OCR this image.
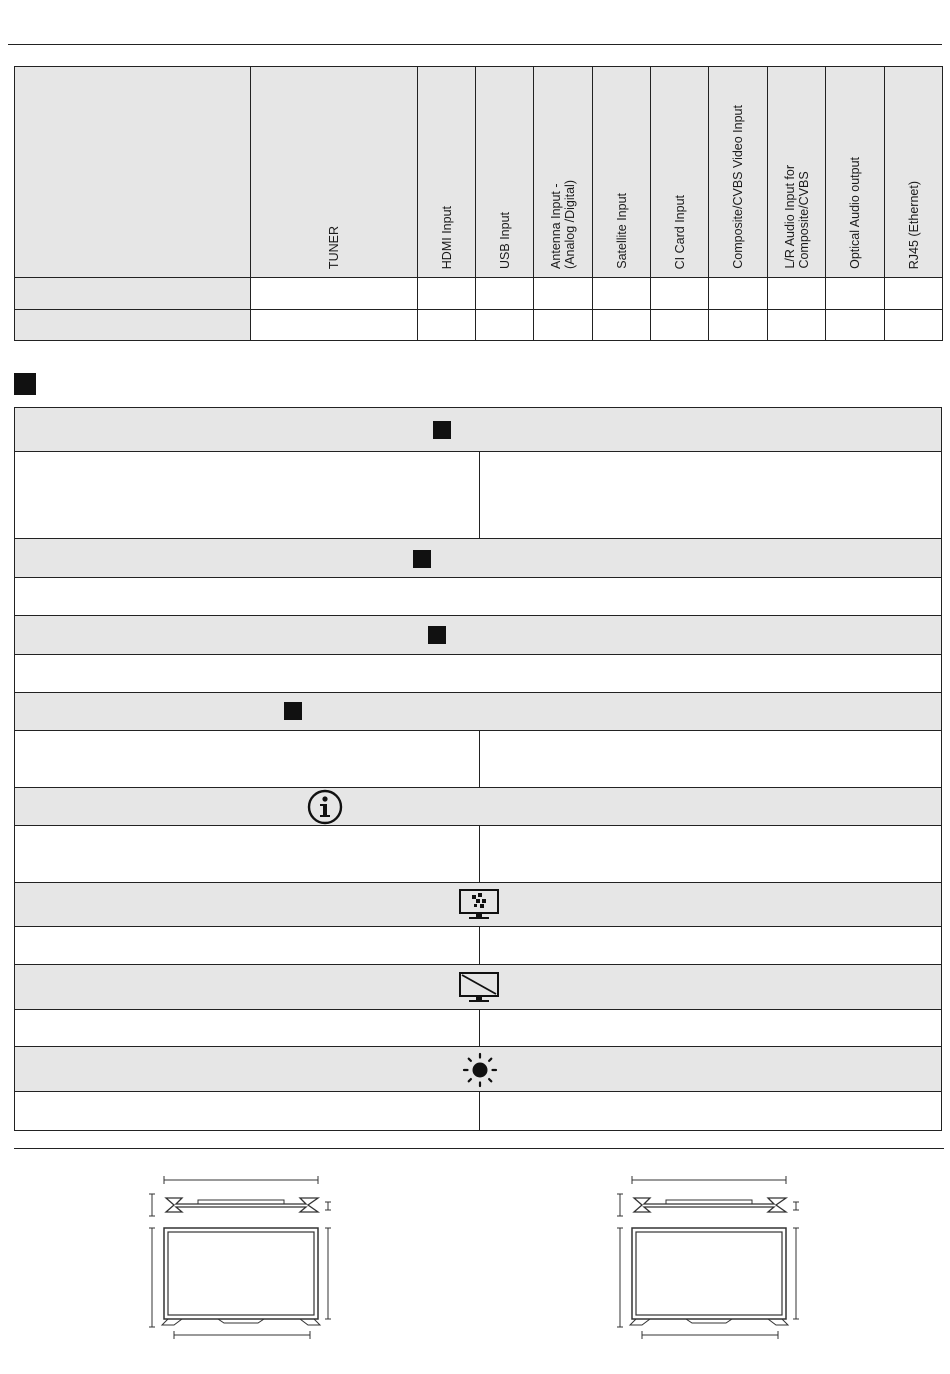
	TUNER	HDMI Input	USB Input	Antenna Input -
(Analog /Digital)	Satellite Input	CI Card Input	Composite/CVBS Video Input	L/R Audio Input for
Composite/CVBS	Optical Audio output	RJ45 (Ethernet)
